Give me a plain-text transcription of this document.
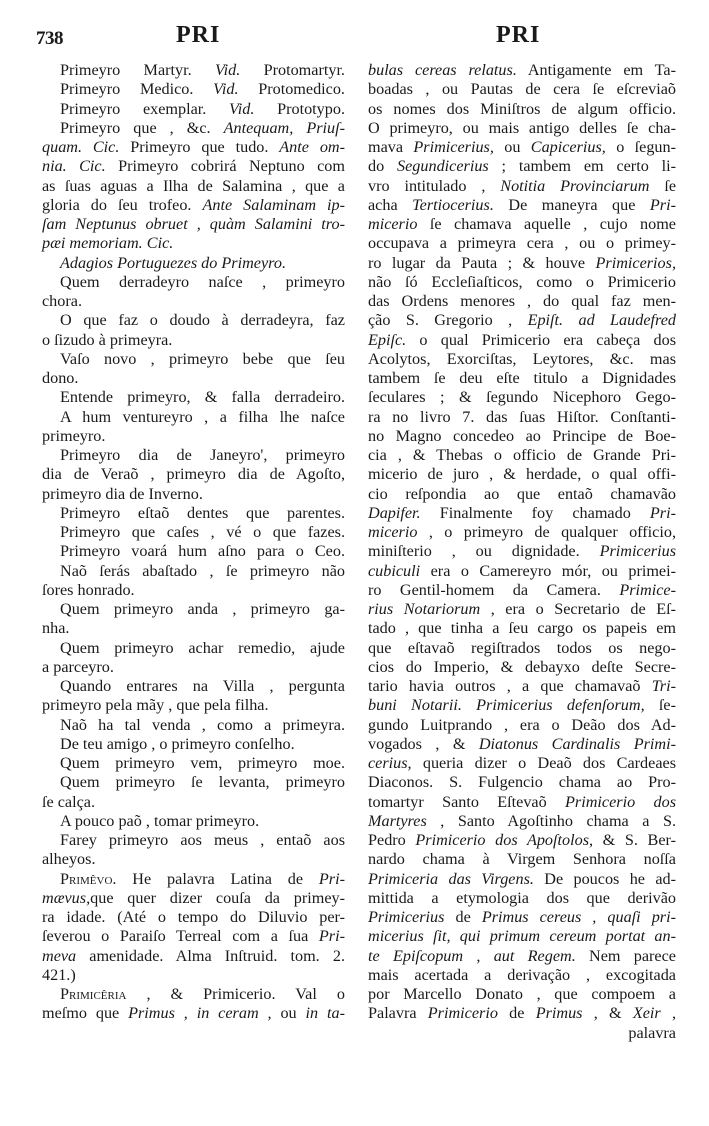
738	PRI	PRI
Primeyro Martyr. Vid. Protomartyr.
Primeyro Medico. Vid. Protomedico.
Primeyro exemplar. Vid. Prototypo.
Primeyro que , &c. Antequam, Priuſ-
quam. Cic. Primeyro que tudo. Ante om-
nia. Cic. Primeyro cobrirá Neptuno com
as ſuas aguas a Ilha de Salamina , que a
gloria do ſeu trofeo. Ante Salaminam ip-
ſam Neptunus obruet , quàm Salamini tro-
pæi memoriam. Cic.
Adagios Portuguezes do Primeyro.
Quem derradeyro naſce , primeyro
chora.
O que faz o doudo à derradeyra, faz
o ſizudo à primeyra.
Vaſo novo , primeyro bebe que ſeu
dono.
Entende primeyro, & falla derradeiro.
A hum ventureyro , a filha lhe naſce
primeyro.
Primeyro dia de Janeyro', primeyro
dia de Veraõ , primeyro dia de Agoſto,
primeyro dia de Inverno.
Primeyro eſtaõ dentes que parentes.
Primeyro que caſes , vé o que fazes.
Primeyro voará hum aſno para o Ceo.
Naõ ſerás abaſtado , ſe primeyro não
ſores honrado.
Quem primeyro anda , primeyro ga-
nha.
Quem primeyro achar remedio, ajude
a parceyro.
Quando entrares na Villa , pergunta
primeyro pela mãy , que pela filha.
Naõ ha tal venda , como a primeyra.
De teu amigo , o primeyro conſelho.
Quem primeyro vem, primeyro moe.
Quem primeyro ſe levanta, primeyro
ſe calça.
A pouco paõ , tomar primeyro.
Farey primeyro aos meus , entaõ aos
alheyos.
Primêvo. He palavra Latina de Pri-
mævus,que quer dizer couſa da primey-
ra idade. (Até o tempo do Diluvio per-
ſeverou o Paraiſo Terreal com a ſua Pri-
meva amenidade. Alma Inſtruid. tom. 2.
421.)
Primicêria , & Primicerio. Val o
meſmo que Primus , in ceram , ou in ta-
bulas cereas relatus. Antigamente em Ta-
boadas , ou Pautas de cera ſe eſcreviaõ
os nomes dos Miniſtros de algum officio.
O primeyro, ou mais antigo delles ſe cha-
mava Primicerius, ou Capicerius, o ſegun-
do Segundicerius ; tambem em certo li-
vro intitulado , Notitia Provinciarum ſe
acha Tertiocerius. De maneyra que Pri-
micerio ſe chamava aquelle , cujo nome
occupava a primeyra cera , ou o primey-
ro lugar da Pauta ; & houve Primicerios,
não ſó Eccleſiaſticos, como o Primicerio
das Ordens menores , do qual faz men-
ção S. Gregorio , Epiſt. ad Laudefred
Epiſc. o qual Primicerio era cabeça dos
Acolytos, Exorciſtas, Leytores, &c. mas
tambem ſe deu eſte titulo a Dignidades
ſeculares ; & ſegundo Nicephoro Gego-
ra no livro 7. das ſuas Hiſtor. Conſtanti-
no Magno concedeo ao Principe de Boe-
cia , & Thebas o officio de Grande Pri-
micerio de juro , & herdade, o qual offi-
cio reſpondia ao que entaõ chamavão
Dapifer. Finalmente foy chamado Pri-
micerio , o primeyro de qualquer officio,
miniſterio , ou dignidade. Primicerius
cubiculi era o Camereyro mór, ou primei-
ro Gentil-homem da Camera. Primice-
rius Notariorum , era o Secretario de Eſ-
tado , que tinha a ſeu cargo os papeis em
que eſtavaõ regiſtrados todos os nego-
cios do Imperio, & debayxo deſte Secre-
tario havia outros , a que chamavaõ Tri-
buni Notarii. Primicerius defenſorum, ſe-
gundo Luitprando , era o Deão dos Ad-
vogados , & Diatonus Cardinalis Primi-
cerius, queria dizer o Deaõ dos Cardeaes
Diaconos. S. Fulgencio chama ao Pro-
tomartyr Santo Eſtevaõ Primicerio dos
Martyres , Santo Agoſtinho chama a S.
Pedro Primicerio dos Apoſtolos, & S. Ber-
nardo chama à Virgem Senhora noſſa
Primiceria das Virgens. De poucos he ad-
mittida a etymologia dos que derivão
Primicerius de Primus cereus , quaſi pri-
micerius ſit, qui primum cereum portat an-
te Epiſcopum , aut Regem. Nem parece
mais acertada a derivação , excogitada
por Marcello Donato , que compoem a
Palavra Primicerio de Primus , & Xeir ,
palavra
